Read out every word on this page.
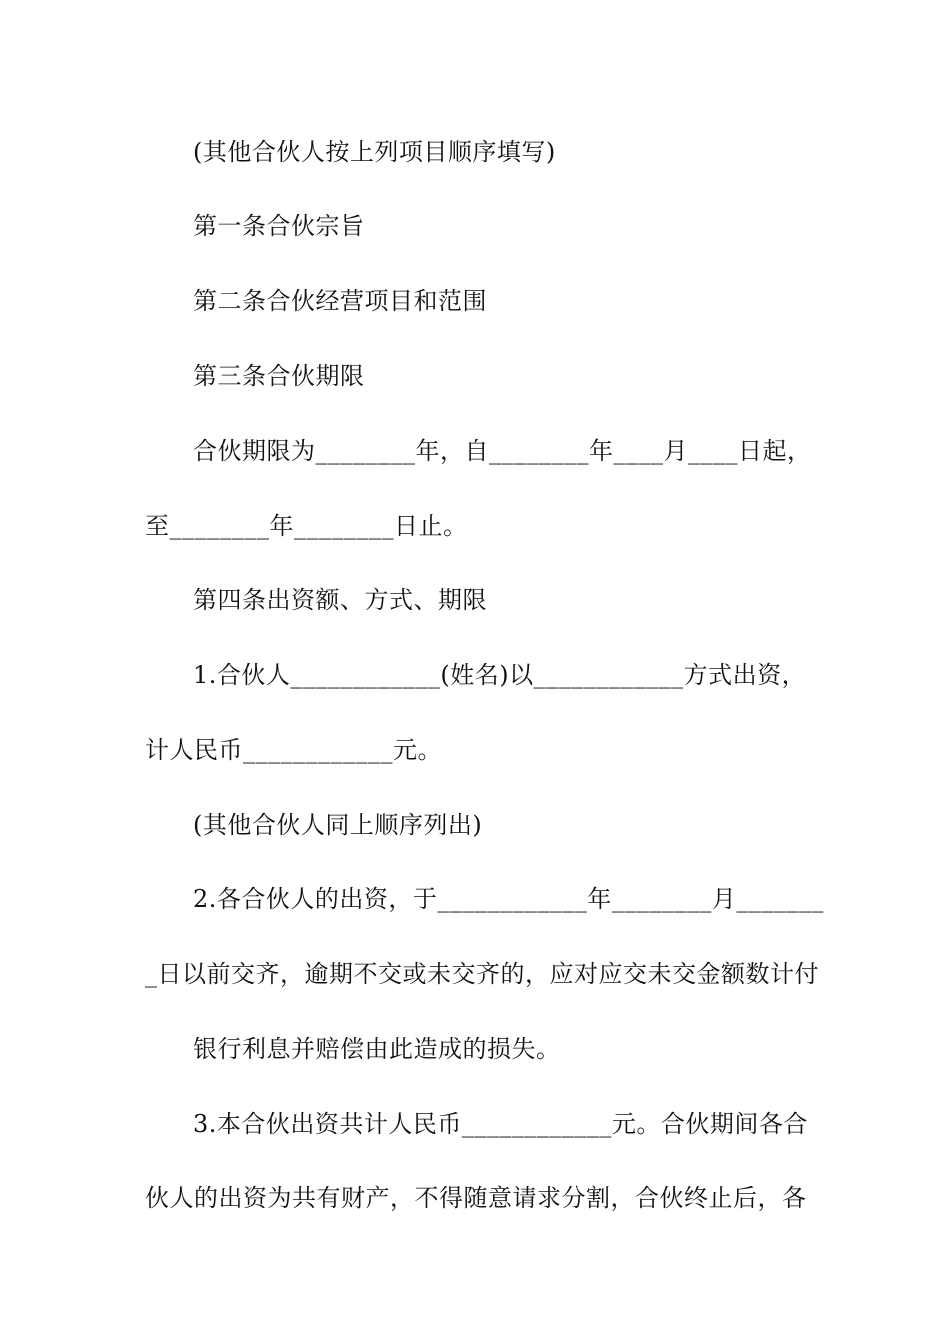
(其他合伙人按上列项目顺序填写)
第一条合伙宗旨
第二条合伙经营项目和范围
第三条合伙期限
合伙期限为________年，自________年____月____日起，
至________年________日止。
第四条出资额、方式、期限
1.合伙人____________(姓名)以____________方式出资，
计人民币____________元。
(其他合伙人同上顺序列出)
2.各合伙人的出资，于____________年________月_______
_日以前交齐，逾期不交或未交齐的，应对应交未交金额数计付
银行利息并赔偿由此造成的损失。
3.本合伙出资共计人民币____________元。合伙期间各合
伙人的出资为共有财产，不得随意请求分割，合伙终止后，各
